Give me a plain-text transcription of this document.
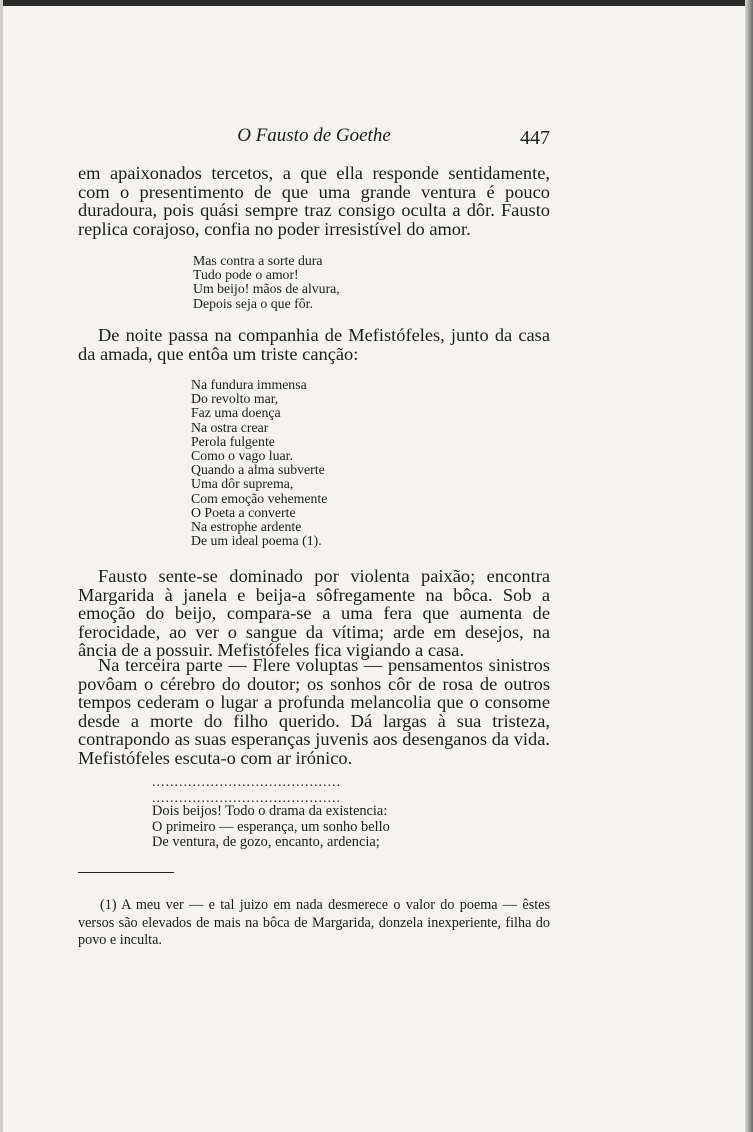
O Fausto de Goethe	447

em apaixonados tercetos, a que ella responde sentidamente, com o presentimento de que uma grande ventura é pouco duradoura, pois quási sempre traz consigo oculta a dôr. Fausto replica corajoso, confia no poder irresistível do amor.

Mas contra a sorte dura
Tudo pode o amor!
Um beijo! mãos de alvura,
Depois seja o que fôr.

De noite passa na companhia de Mefistófeles, junto da casa da amada, que entôa um triste canção:

Na fundura immensa
Do revolto mar,
Faz uma doença
Na ostra crear
Perola fulgente
Como o vago luar.
Quando a alma subverte
Uma dôr suprema,
Com emoção vehemente
O Poeta a converte
Na estrophe ardente
De um ideal poema (1).

Fausto sente-se dominado por violenta paixão; encontra Margarida à janela e beija-a sôfregamente na bôca. Sob a emoção do beijo, compara-se a uma fera que aumenta de ferocidade, ao ver o sangue da vítima; arde em desejos, na ância de a possuir. Mefistófeles fica vigiando a casa.

Na terceira parte — Flere voluptas — pensamentos sinistros povôam o cérebro do doutor; os sonhos côr de rosa de outros tempos cederam o lugar a profunda melancolia que o consome desde a morte do filho querido. Dá largas à sua tristeza, contrapondo as suas esperanças juvenis aos desenganos da vida. Mefistófeles escuta-o com ar irónico.

..........................................
..........................................
Dois beijos! Todo o drama da existencia:
O primeiro — esperança, um sonho bello
De ventura, de gozo, encanto, ardencia;

(1) A meu ver — e tal juizo em nada desmerece o valor do poema — êstes versos são elevados de mais na bôca de Margarida, donzela inexperiente, filha do povo e inculta.
